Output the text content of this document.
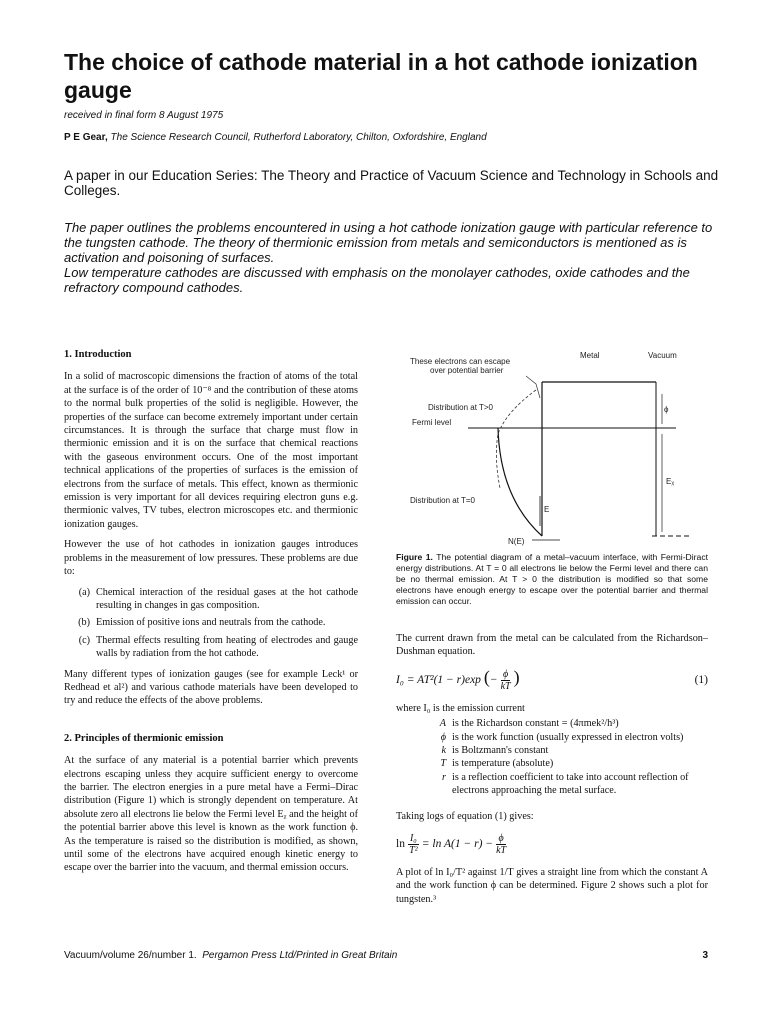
The choice of cathode material in a hot cathode ionization gauge
received in final form 8 August 1975
P E Gear, The Science Research Council, Rutherford Laboratory, Chilton, Oxfordshire, England
A paper in our Education Series: The Theory and Practice of Vacuum Science and Technology in Schools and Colleges.

The paper outlines the problems encountered in using a hot cathode ionization gauge with particular reference to the tungsten cathode. The theory of thermionic emission from metals and semiconductors is mentioned as is activation and poisoning of surfaces.

Low temperature cathodes are discussed with emphasis on the monolayer cathodes, oxide cathodes and the refractory compound cathodes.

1. Introduction

In a solid of macroscopic dimensions the fraction of atoms of the total at the surface is of the order of 10⁻⁸ and the contribution of these atoms to the normal bulk properties of the solid is negligible. However, the properties of the surface can become extremely important under certain circumstances. It is through the surface that charge must flow in thermionic emission and it is on the surface that chemical reactions with the gaseous environment occurs. One of the most important technical applications of the properties of surfaces is the emission of electrons from the surface of metals. This effect, known as thermionic emission is very important for all devices requiring electron guns e.g. thermionic valves, TV tubes, electron microscopes etc. and thermionic ionization gauges.

However the use of hot cathodes in ionization gauges introduces problems in the measurement of low pressures. These problems are due to:

(a) Chemical interaction of the residual gases at the hot cathode resulting in changes in gas composition.
(b) Emission of positive ions and neutrals from the cathode.
(c) Thermal effects resulting from heating of electrodes and gauge walls by radiation from the hot cathode.

Many different types of ionization gauges (see for example Leck¹ or Redhead et al²) and various cathode materials have been developed to try and reduce the effects of the above problems.

2. Principles of thermionic emission

At the surface of any material is a potential barrier which prevents electrons escaping unless they acquire sufficient energy to overcome the barrier. The electron energies in a pure metal have a Fermi–Dirac distribution (Figure 1) which is strongly dependent on temperature. At absolute zero all electrons lie below the Fermi level Eᵪ and the height of the potential barrier above this level is known as the work function ϕ. As the temperature is raised so the distribution is modified, as shown, until some of the electrons have acquired enough kinetic energy to escape over the barrier into the vacuum, and thermal emission occurs.

These electrons can escape
over potential barrier
Metal	Vacuum
Distribution at T>0
Fermi level
Distribution at T=0
N(E)
E
ϕ
Eᵪ
Figure 1. The potential diagram of a metal–vacuum interface, with Fermi-Diract energy distributions. At T = 0 all electrons lie below the Fermi level and there can be no thermal emission. At T > 0 the distribution is modified so that some electrons have enough energy to escape over the potential barrier and thermal emission can occur.

The current drawn from the metal can be calculated from the Richardson–Dushman equation.

I₀ = AT²(1 − r)exp (− $\frac{\phi}{kT}$ )	(1)

where I₀ is the emission current

A is the Richardson constant = (4πmek²/h³)
ϕ is the work function (usually expressed in electron volts)
k is Boltzmann's constant
T is temperature (absolute)
r is a reflection coefficient to take into account reflection of electrons approaching the metal surface.

Taking logs of equation (1) gives:

$\ln \frac{\text{I₀}}{\text{T²}} = \ln A(1 - r) - \frac{\phi}{kT}$

A plot of ln I₀/T² against 1/T gives a straight line from which the constant A and the work function ϕ can be determined. Figure 2 shows such a plot for tungsten.³

Vacuum/volume 26/number 1. Pergamon Press Ltd/Printed in Great Britain	3
